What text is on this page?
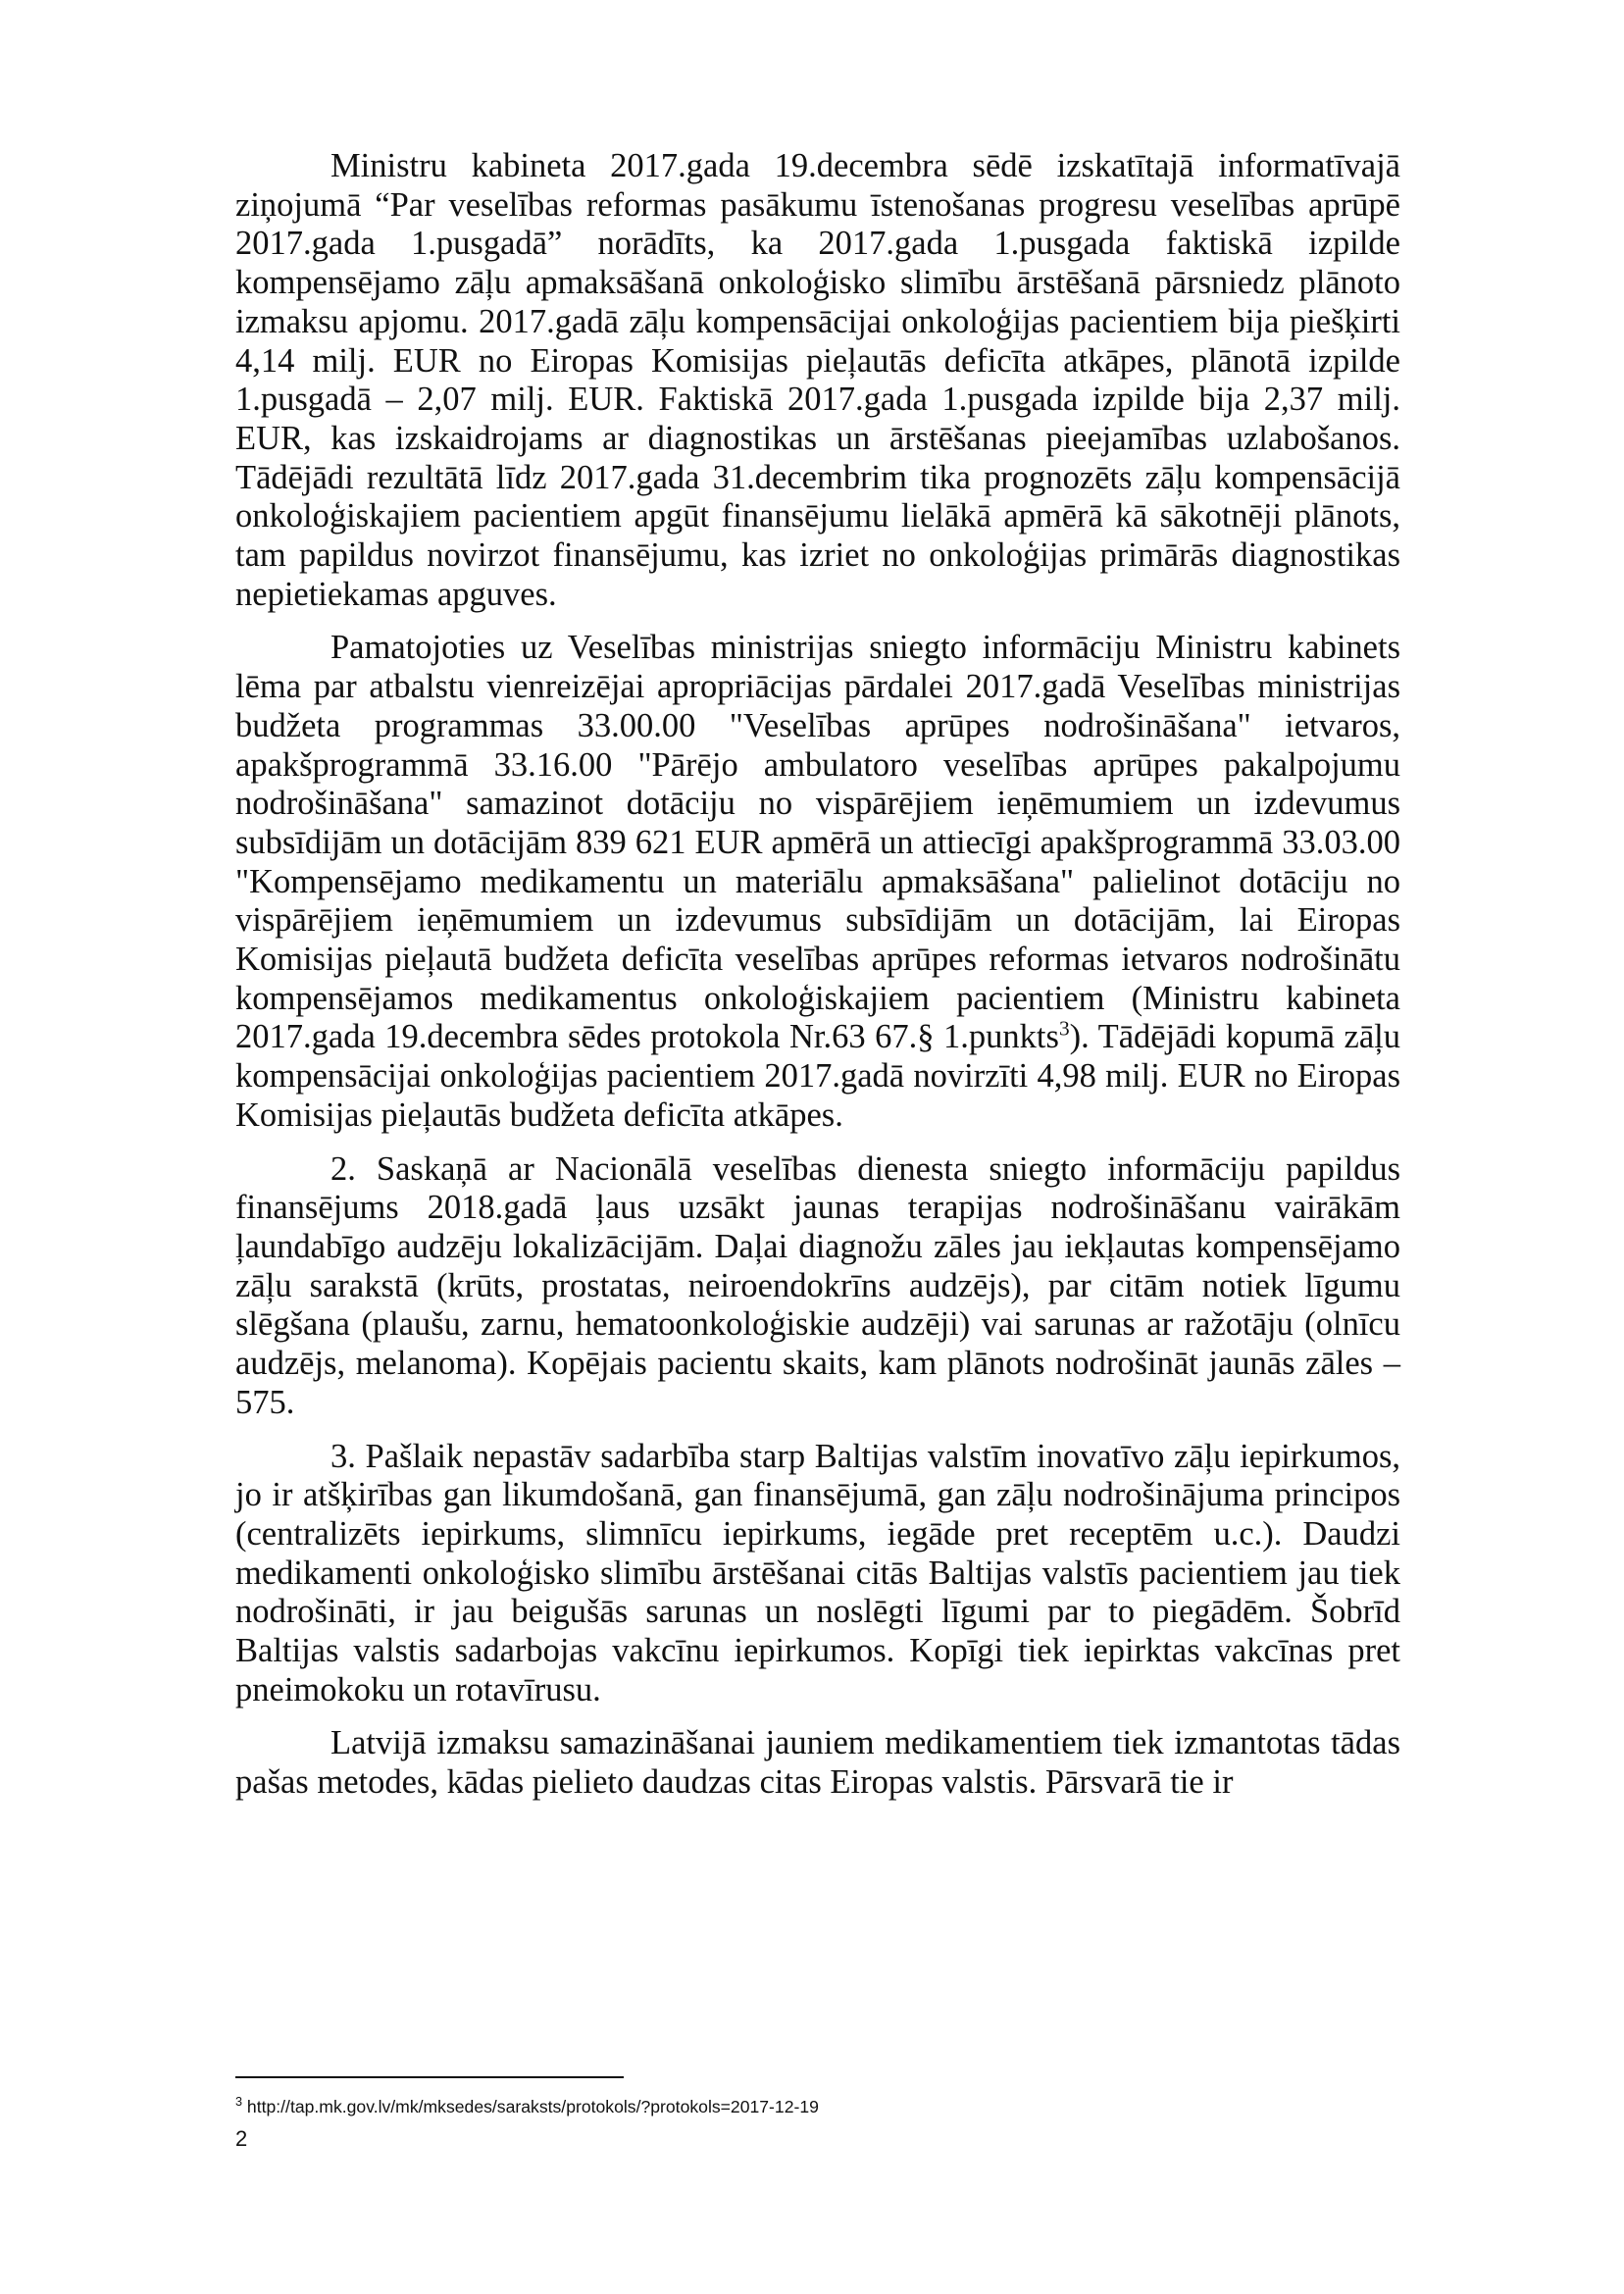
Ministru kabineta 2017.gada 19.decembra sēdē izskatītajā informatīvajā ziņojumā “Par veselības reformas pasākumu īstenošanas progresu veselības aprūpē 2017.gada 1.pusgadā” norādīts, ka 2017.gada 1.pusgada faktiskā izpilde kompensējamo zāļu apmaksāšanā onkoloģisko slimību ārstēšanā pārsniedz plānoto izmaksu apjomu. 2017.gadā zāļu kompensācijai onkoloģijas pacientiem bija piešķirti 4,14 milj. EUR no Eiropas Komisijas pieļautās deficīta atkāpes, plānotā izpilde 1.pusgadā – 2,07 milj. EUR. Faktiskā 2017.gada 1.pusgada izpilde bija 2,37 milj. EUR, kas izskaidrojams ar diagnostikas un ārstēšanas pieejamības uzlabošanos. Tādējādi rezultātā līdz 2017.gada 31.decembrim tika prognozēts zāļu kompensācijā onkoloģiskajiem pacientiem apgūt finansējumu lielākā apmērā kā sākotnēji plānots, tam papildus novirzot finansējumu, kas izriet no onkoloģijas primārās diagnostikas nepietiekamas apguves.

Pamatojoties uz Veselības ministrijas sniegto informāciju Ministru kabinets lēma par atbalstu vienreizējai apropriācijas pārdalei 2017.gadā Veselības ministrijas budžeta programmas 33.00.00 "Veselības aprūpes nodrošināšana" ietvaros, apakšprogrammā 33.16.00 "Pārējo ambulatoro veselības aprūpes pakalpojumu nodrošināšana" samazinot dotāciju no vispārējiem ieņēmumiem un izdevumus subsīdijām un dotācijām 839 621 EUR apmērā un attiecīgi apakšprogrammā 33.03.00 "Kompensējamo medikamentu un materiālu apmaksāšana" palielinot dotāciju no vispārējiem ieņēmumiem un izdevumus subsīdijām un dotācijām, lai Eiropas Komisijas pieļautā budžeta deficīta veselības aprūpes reformas ietvaros nodrošinātu kompensējamos medikamentus onkoloģiskajiem pacientiem (Ministru kabineta 2017.gada 19.decembra sēdes protokola Nr.63 67.§ 1.punkts$^3$). Tādējādi kopumā zāļu kompensācijai onkoloģijas pacientiem 2017.gadā novirzīti 4,98 milj. EUR no Eiropas Komisijas pieļautās budžeta deficīta atkāpes.

2. Saskaņā ar Nacionālā veselības dienesta sniegto informāciju papildus finansējums 2018.gadā ļaus uzsākt jaunas terapijas nodrošināšanu vairākām ļaundabīgo audzēju lokalizācijām. Daļai diagnožu zāles jau iekļautas kompensējamo zāļu sarakstā (krūts, prostatas, neiroendokrīns audzējs), par citām notiek līgumu slēgšana (plaušu, zarnu, hematoonkoloģiskie audzēji) vai sarunas ar ražotāju (olnīcu audzējs, melanoma). Kopējais pacientu skaits, kam plānots nodrošināt jaunās zāles – 575.

3. Pašlaik nepastāv sadarbība starp Baltijas valstīm inovatīvo zāļu iepirkumos, jo ir atšķirības gan likumdošanā, gan finansējumā, gan zāļu nodrošinājuma principos (centralizēts iepirkums, slimnīcu iepirkums, iegāde pret receptēm u.c.). Daudzi medikamenti onkoloģisko slimību ārstēšanai citās Baltijas valstīs pacientiem jau tiek nodrošināti, ir jau beigušās sarunas un noslēgti līgumi par to piegādēm. Šobrīd Baltijas valstis sadarbojas vakcīnu iepirkumos. Kopīgi tiek iepirktas vakcīnas pret pneimokoku un rotavīrusu.

Latvijā izmaksu samazināšanai jauniem medikamentiem tiek izmantotas tādas pašas metodes, kādas pielieto daudzas citas Eiropas valstis. Pārsvarā tie ir

$^3$ http://tap.mk.gov.lv/mk/mksedes/saraksts/protokols/?protokols=2017-12-19
2
